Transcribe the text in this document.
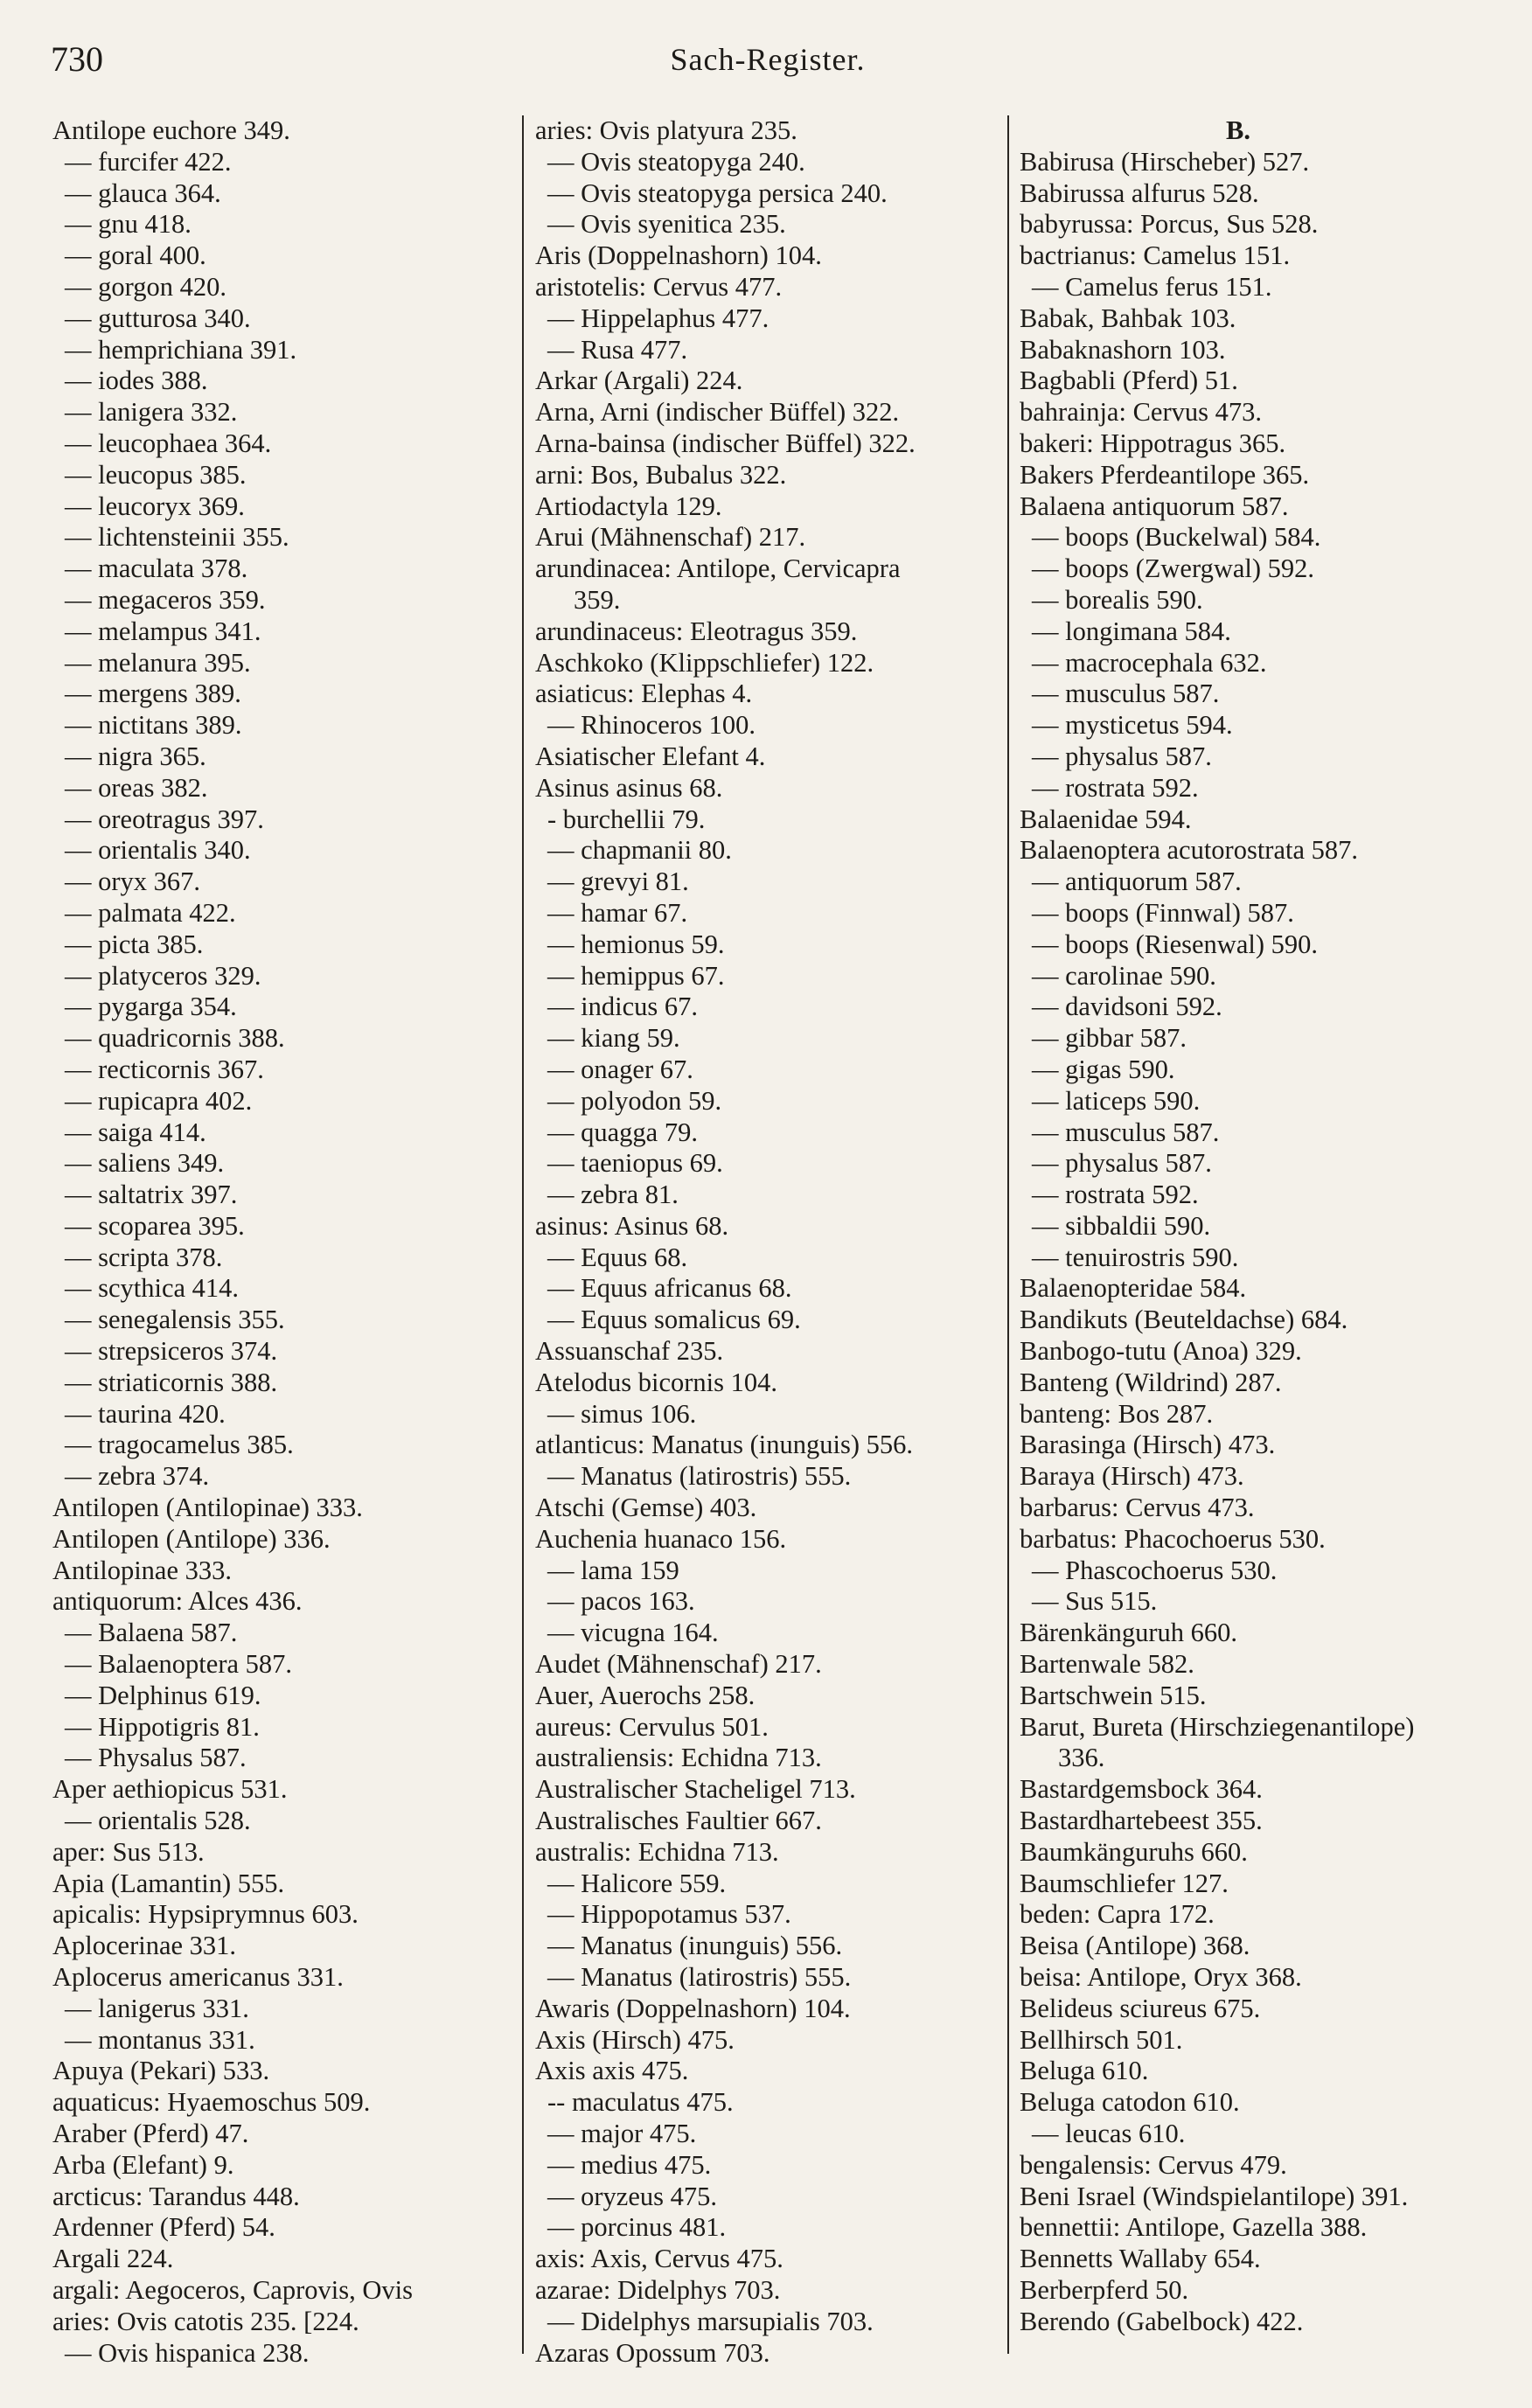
730	Sach-Register.
Antilope euchore 349.
— furcifer 422.
— glauca 364.
— gnu 418.
— goral 400.
— gorgon 420.
— gutturosa 340.
— hemprichiana 391.
— iodes 388.
— lanigera 332.
— leucophaea 364.
— leucopus 385.
— leucoryx 369.
— lichtensteinii 355.
— maculata 378.
— megaceros 359.
— melampus 341.
— melanura 395.
— mergens 389.
— nictitans 389.
— nigra 365.
— oreas 382.
— oreotragus 397.
— orientalis 340.
— oryx 367.
— palmata 422.
— picta 385.
— platyceros 329.
— pygarga 354.
— quadricornis 388.
— recticornis 367.
— rupicapra 402.
— saiga 414.
— saliens 349.
— saltatrix 397.
— scoparea 395.
— scripta 378.
— scythica 414.
— senegalensis 355.
— strepsiceros 374.
— striaticornis 388.
— taurina 420.
— tragocamelus 385.
— zebra 374.
Antilopen (Antilopinae) 333.
Antilopen (Antilope) 336.
Antilopinae 333.
antiquorum: Alces 436.
— Balaena 587.
— Balaenoptera 587.
— Delphinus 619.
— Hippotigris 81.
— Physalus 587.
Aper aethiopicus 531.
— orientalis 528.
aper: Sus 513.
Apia (Lamantin) 555.
apicalis: Hypsiprymnus 603.
Aplocerinae 331.
Aplocerus americanus 331.
— lanigerus 331.
— montanus 331.
Apuya (Pekari) 533.
aquaticus: Hyaemoschus 509.
Araber (Pferd) 47.
Arba (Elefant) 9.
arcticus: Tarandus 448.
Ardenner (Pferd) 54.
Argali 224.
argali: Aegoceros, Caprovis, Ovis
aries: Ovis catotis 235. [224.
— Ovis hispanica 238.
aries: Ovis platyura 235.
— Ovis steatopyga 240.
— Ovis steatopyga persica 240.
— Ovis syenitica 235.
Aris (Doppelnashorn) 104.
aristotelis: Cervus 477.
— Hippelaphus 477.
— Rusa 477.
Arkar (Argali) 224.
Arna, Arni (indischer Büffel) 322.
Arna-bainsa (indischer Büffel) 322.
arni: Bos, Bubalus 322.
Artiodactyla 129.
Arui (Mähnenschaf) 217.
arundinacea: Antilope, Cervicapra
359.
arundinaceus: Eleotragus 359.
Aschkoko (Klippschliefer) 122.
asiaticus: Elephas 4.
— Rhinoceros 100.
Asiatischer Elefant 4.
Asinus asinus 68.
- burchellii 79.
— chapmanii 80.
— grevyi 81.
— hamar 67.
— hemionus 59.
— hemippus 67.
— indicus 67.
— kiang 59.
— onager 67.
— polyodon 59.
— quagga 79.
— taeniopus 69.
— zebra 81.
asinus: Asinus 68.
— Equus 68.
— Equus africanus 68.
— Equus somalicus 69.
Assuanschaf 235.
Atelodus bicornis 104.
— simus 106.
atlanticus: Manatus (inunguis) 556.
— Manatus (latirostris) 555.
Atschi (Gemse) 403.
Auchenia huanaco 156.
— lama 159
— pacos 163.
— vicugna 164.
Audet (Mähnenschaf) 217.
Auer, Auerochs 258.
aureus: Cervulus 501.
australiensis: Echidna 713.
Australischer Stacheligel 713.
Australisches Faultier 667.
australis: Echidna 713.
— Halicore 559.
— Hippopotamus 537.
— Manatus (inunguis) 556.
— Manatus (latirostris) 555.
Awaris (Doppelnashorn) 104.
Axis (Hirsch) 475.
Axis axis 475.
-- maculatus 475.
— major 475.
— medius 475.
— oryzeus 475.
— porcinus 481.
axis: Axis, Cervus 475.
azarae: Didelphys 703.
— Didelphys marsupialis 703.
Azaras Opossum 703.
B.
Babirusa (Hirscheber) 527.
Babirussa alfurus 528.
babyrussa: Porcus, Sus 528.
bactrianus: Camelus 151.
— Camelus ferus 151.
Babak, Bahbak 103.
Babaknashorn 103.
Bagbabli (Pferd) 51.
bahrainja: Cervus 473.
bakeri: Hippotragus 365.
Bakers Pferdeantilope 365.
Balaena antiquorum 587.
— boops (Buckelwal) 584.
— boops (Zwergwal) 592.
— borealis 590.
— longimana 584.
— macrocephala 632.
— musculus 587.
— mysticetus 594.
— physalus 587.
— rostrata 592.
Balaenidae 594.
Balaenoptera acutorostrata 587.
— antiquorum 587.
— boops (Finnwal) 587.
— boops (Riesenwal) 590.
— carolinae 590.
— davidsoni 592.
— gibbar 587.
— gigas 590.
— laticeps 590.
— musculus 587.
— physalus 587.
— rostrata 592.
— sibbaldii 590.
— tenuirostris 590.
Balaenopteridae 584.
Bandikuts (Beuteldachse) 684.
Banbogo-tutu (Anoa) 329.
Banteng (Wildrind) 287.
banteng: Bos 287.
Barasinga (Hirsch) 473.
Baraya (Hirsch) 473.
barbarus: Cervus 473.
barbatus: Phacochoerus 530.
— Phascochoerus 530.
— Sus 515.
Bärenkänguruh 660.
Bartenwale 582.
Bartschwein 515.
Barut, Bureta (Hirschziegenantilope)
336.
Bastardgemsbock 364.
Bastardhartebeest 355.
Baumkänguruhs 660.
Baumschliefer 127.
beden: Capra 172.
Beisa (Antilope) 368.
beisa: Antilope, Oryx 368.
Belideus sciureus 675.
Bellhirsch 501.
Beluga 610.
Beluga catodon 610.
— leucas 610.
bengalensis: Cervus 479.
Beni Israel (Windspielantilope) 391.
bennettii: Antilope, Gazella 388.
Bennetts Wallaby 654.
Berberpferd 50.
Berendo (Gabelbock) 422.
